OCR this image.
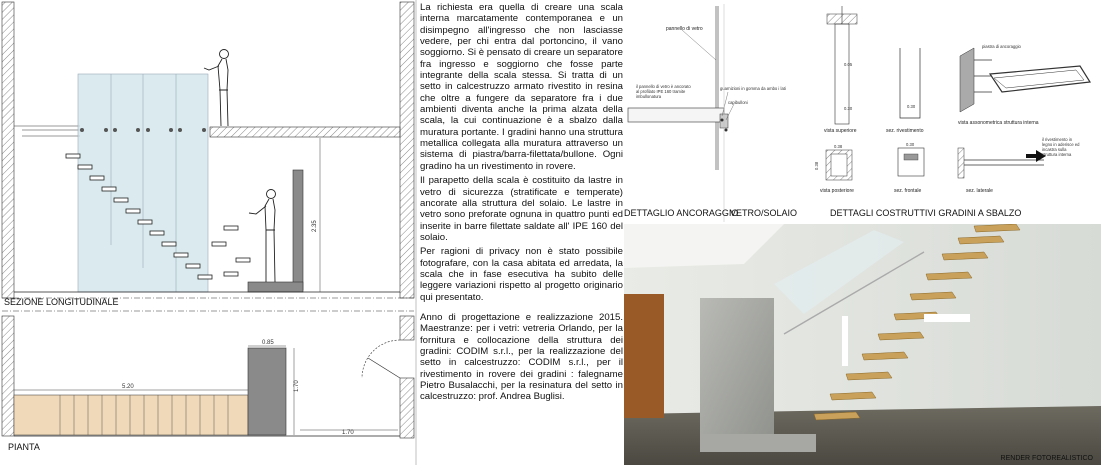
2.35
SEZIONE LONGITUDINALE
5.20
0.85
1.70
1.70
PIANTA

La richiesta era quella di creare una scala interna marcatamente contemporanea e un disimpegno all'ingresso che non lasciasse vedere, per chi entra dal portoncino, il vano soggiorno. Si è pensato di creare un separatore fra ingresso e soggiorno che fosse parte integrante della scala stessa. Si tratta di un setto in calcestruzzo armato rivestito in resina che oltre a fungere da separatore fra i due ambienti diventa anche la prima alzata della scala, la cui continuazione è a sbalzo dalla muratura portante. I gradini hanno una struttura metallica collegata alla muratura attraverso un sistema di piastra/barra-filettata/bullone. Ogni gradino ha un rivestimento in rovere.

Il parapetto della scala è costituito da lastre in vetro di sicurezza (stratificate e temperate) ancorate alla struttura del solaio. Le lastre in vetro sono preforate ognuna in quattro punti ed inserite in barre filettate saldate all' IPE 160 del solaio.

Per ragioni di privacy non è stato possibile fotografare, con la casa abitata ed arredata, la scala che in fase esecutiva ha subito delle leggere variazioni rispetto al progetto originario qui presentato.

Anno di progettazione e realizzazione 2015. Maestranze: per i vetri: vetreria Orlando, per la fornitura e collocazione della struttura dei gradini: CODIM s.r.l., per la realizzazione del setto in calcestruzzo: CODIM s.r.l., per il rivestimento in rovere dei gradini : falegname Pietro Busalacchi, per la resinatura del setto in calcestruzzo: prof. Andrea Buglisi.

pannello di vetro
il pannello di vetro è ancorato
al profilato IPE 160 tramite
imbullonatura
guarnizioni in gomma da ambo i lati
capibulloni
DETTAGLIO ANCORAGGIO
VETRO/SOLAIO
0.05
0.30
vista superiore
0.30
sez. rivestimento
piastra di ancoraggio
vista assonometrica struttura interna
0.38
0.38
vista posteriore
0.30
sez. frontale
il rivestimento in
legno in aderisce ed
incastra sulla
struttura interna
sez. laterale
DETTAGLI COSTRUTTIVI GRADINI A SBALZO
RENDER FOTOREALISTICO
